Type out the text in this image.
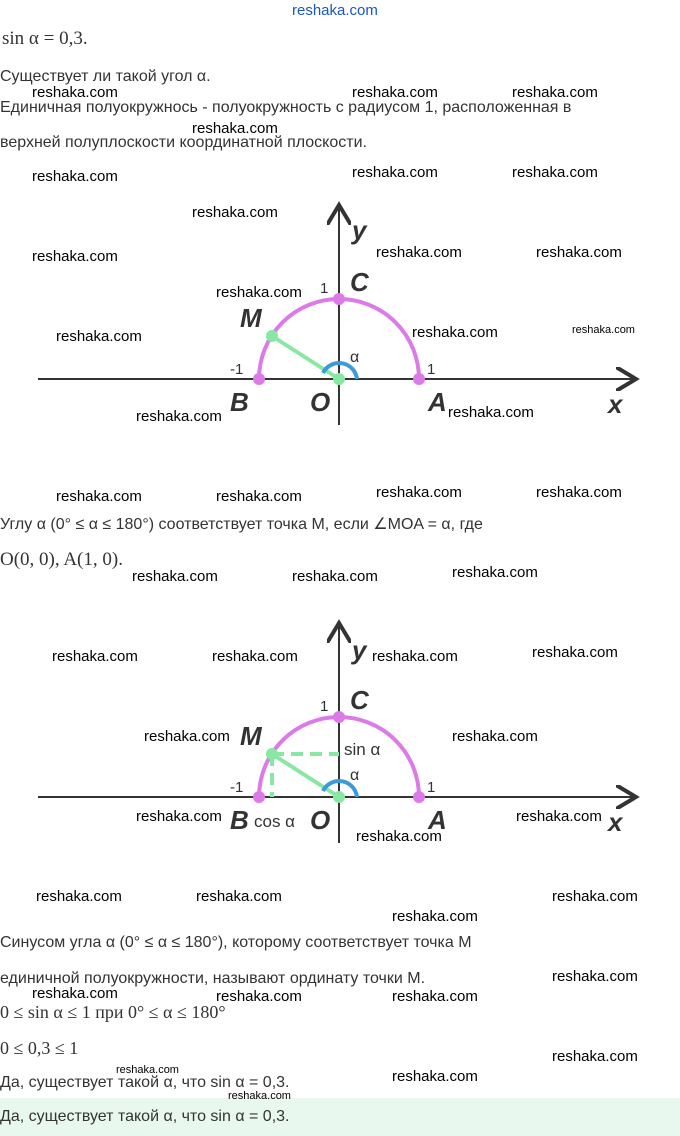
reshaka.com
sin α = 0,3.
Существует ли такой угол α.
Единичная полуокружнось - полуокружность с радиусом 1, расположенная в
верхней полуплоскости координатной плоскости.
y
x
C
M
B O	A
1
-1	1
α
Углу α (0° ≤ α ≤ 180°) соответствует точка M, если ∠MOA = α, где
O(0, 0), A(1, 0).
y
x
C
M
B O	A
1
-1	1
α
sin α
cos α
Синусом угла α (0° ≤ α ≤ 180°), которому соответствует точка M
единичной полуокружности, называют ординату точки M.
0 ≤ sin α ≤ 1 при 0° ≤ α ≤ 180°
0 ≤ 0,3 ≤ 1
Да, существует такой α, что sin α = 0,3.
Да, существует такой α, что sin α = 0,3.
reshaka.com	reshaka.com	reshaka.com
reshaka.com
reshaka.com	reshaka.com	reshaka.com
reshaka.com
reshaka.com	reshaka.com	reshaka.com
reshaka.com
reshaka.com	reshaka.com	reshaka.com
reshaka.com
reshaka.com
reshaka.com	reshaka.com	reshaka.com	reshaka.com
reshaka.com	reshaka.com	reshaka.com
reshaka.com	reshaka.com	reshaka.com	reshaka.com
reshaka.com	reshaka.com
reshaka.com	reshaka.com
reshaka.com
reshaka.com	reshaka.com	reshaka.com
reshaka.com
reshaka.com
reshaka.com	reshaka.com	reshaka.com
reshaka.com
reshaka.com
reshaka.com
reshaka.com
